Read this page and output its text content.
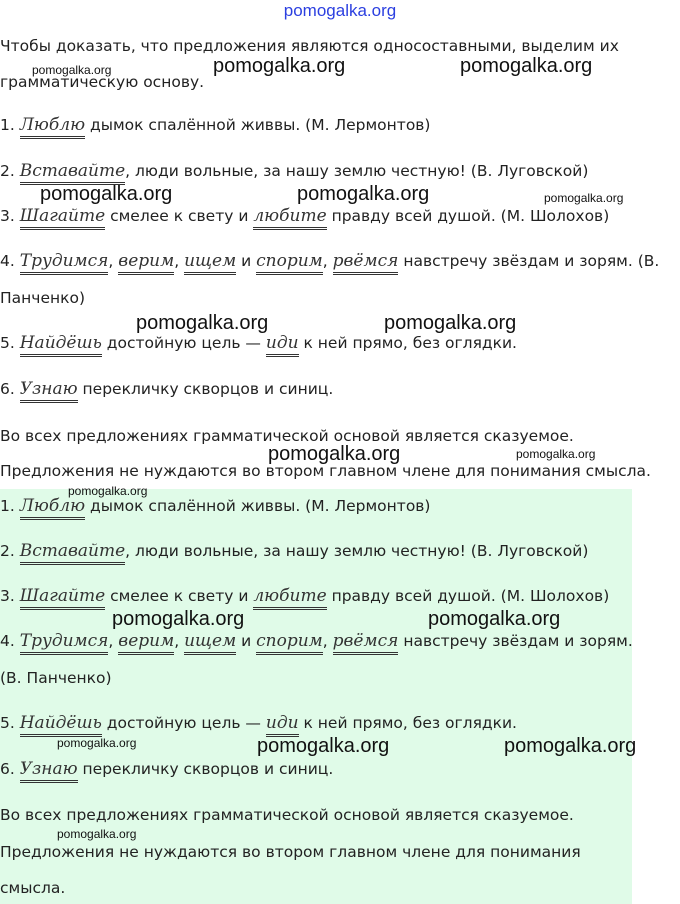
pomogalka.org
Чтобы доказать, что предложения являются односоставными, выделим их
грамматическую основу.
1. Люблю дымок спалённой живвы. (М. Лермонтов)
2. Вставайте, люди вольные, за нашу землю честную! (В. Луговской)
3. Шагайте смелее к свету и любите правду всей душой. (М. Шолохов)
4. Трудимся, верим, ищем и спорим, рвёмся навстречу звёздам и зорям. (В.
Панченко)
5. Найдёшь достойную цель — иди к ней прямо, без оглядки.
6. Узнаю перекличку скворцов и синиц.
Во всех предложениях грамматической основой является сказуемое.
Предложения не нуждаются во втором главном члене для понимания смысла.
1. Люблю дымок спалённой живвы. (М. Лермонтов)
2. Вставайте, люди вольные, за нашу землю честную! (В. Луговской)
3. Шагайте смелее к свету и любите правду всей душой. (М. Шолохов)
4. Трудимся, верим, ищем и спорим, рвёмся навстречу звёздам и зорям.
(В. Панченко)
5. Найдёшь достойную цель — иди к ней прямо, без оглядки.
6. Узнаю перекличку скворцов и синиц.
Во всех предложениях грамматической основой является сказуемое.
Предложения не нуждаются во втором главном члене для понимания
смысла.
pomogalka.org	pomogalka.org	pomogalka.org
pomogalka.org	pomogalka.org	pomogalka.org
pomogalka.org	pomogalka.org
pomogalka.org	pomogalka.org
pomogalka.org
pomogalka.org	pomogalka.org
pomogalka.org	pomogalka.org	pomogalka.org
pomogalka.org
